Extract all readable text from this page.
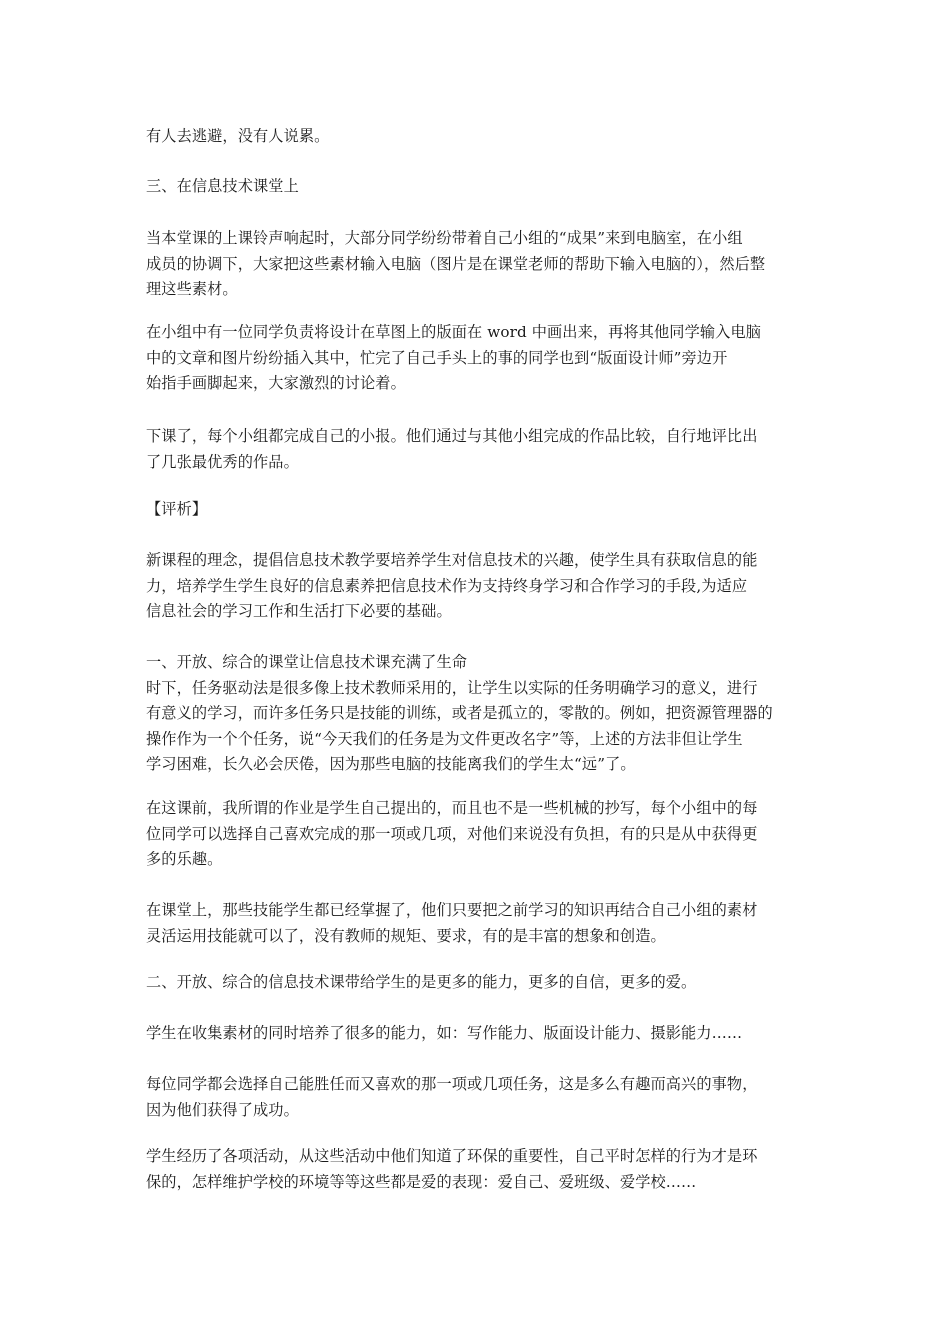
有人去逃避，没有人说累。

三、在信息技术课堂上

当本堂课的上课铃声响起时，大部分同学纷纷带着自己小组的“成果”来到电脑室，在小组
成员的协调下，大家把这些素材输入电脑（图片是在课堂老师的帮助下输入电脑的），然后整
理这些素材。

在小组中有一位同学负责将设计在草图上的版面在 word 中画出来，再将其他同学输入电脑
中的文章和图片纷纷插入其中，忙完了自己手头上的事的同学也到“版面设计师”旁边开
始指手画脚起来，大家激烈的讨论着。

下课了，每个小组都完成自己的小报。他们通过与其他小组完成的作品比较，自行地评比出
了几张最优秀的作品。

【评析】

新课程的理念，提倡信息技术教学要培养学生对信息技术的兴趣，使学生具有获取信息的能
力，培养学生学生良好的信息素养把信息技术作为支持终身学习和合作学习的手段,为适应
信息社会的学习工作和生活打下必要的基础。

一、开放、综合的课堂让信息技术课充满了生命
时下，任务驱动法是很多像上技术教师采用的，让学生以实际的任务明确学习的意义，进行
有意义的学习，而许多任务只是技能的训练，或者是孤立的，零散的。例如，把资源管理器的
操作作为一个个任务，说“今天我们的任务是为文件更改名字”等，上述的方法非但让学生
学习困难，长久必会厌倦，因为那些电脑的技能离我们的学生太“远”了。

在这课前，我所谓的作业是学生自己提出的，而且也不是一些机械的抄写，每个小组中的每
位同学可以选择自己喜欢完成的那一项或几项，对他们来说没有负担，有的只是从中获得更
多的乐趣。

在课堂上，那些技能学生都已经掌握了，他们只要把之前学习的知识再结合自己小组的素材
灵活运用技能就可以了，没有教师的规矩、要求，有的是丰富的想象和创造。

二、开放、综合的信息技术课带给学生的是更多的能力，更多的自信，更多的爱。

学生在收集素材的同时培养了很多的能力，如：写作能力、版面设计能力、摄影能力……

每位同学都会选择自己能胜任而又喜欢的那一项或几项任务，这是多么有趣而高兴的事物，
因为他们获得了成功。

学生经历了各项活动，从这些活动中他们知道了环保的重要性，自己平时怎样的行为才是环
保的，怎样维护学校的环境等等这些都是爱的表现：爱自己、爱班级、爱学校……
